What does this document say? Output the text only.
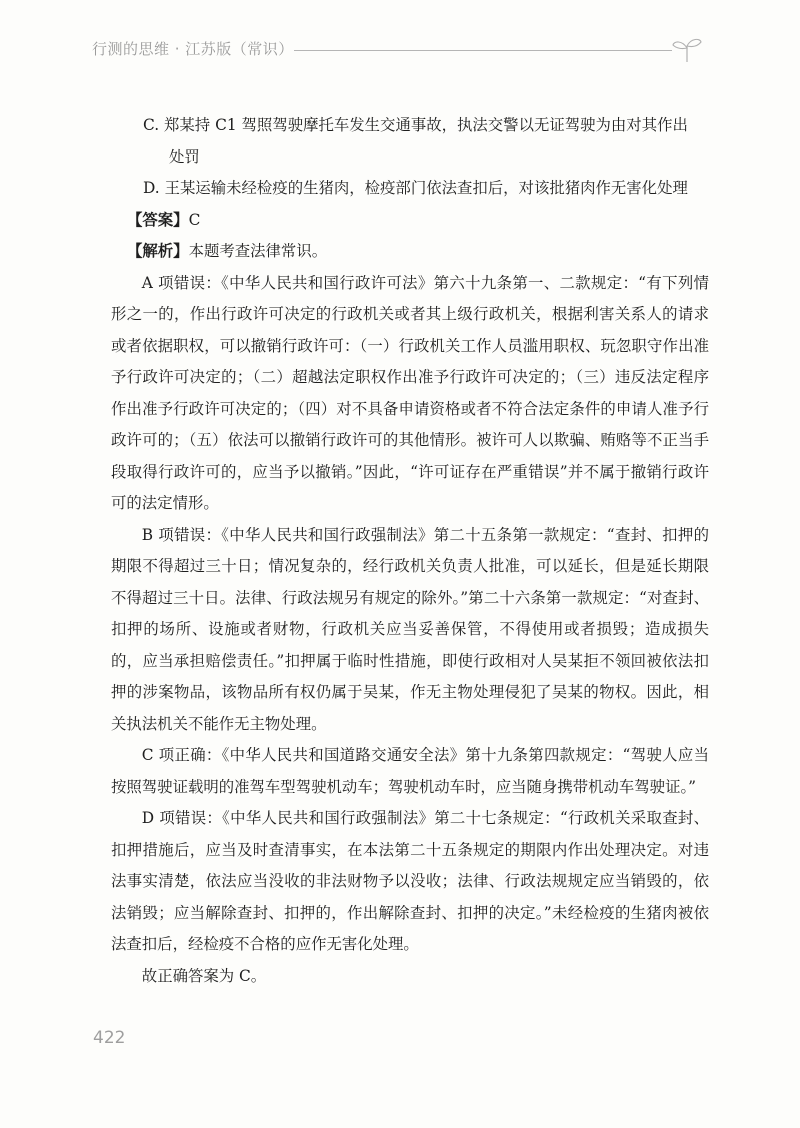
行测的思维 · 江苏版（常识）

C. 郑某持 C1 驾照驾驶摩托车发生交通事故，执法交警以无证驾驶为由对其作出

处罚

D. 王某运输未经检疫的生猪肉，检疫部门依法查扣后，对该批猪肉作无害化处理

【答案】C

【解析】本题考查法律常识。

A 项错误：《中华人民共和国行政许可法》第六十九条第一、二款规定：“有下列情形之一的，作出行政许可决定的行政机关或者其上级行政机关，根据利害关系人的请求或者依据职权，可以撤销行政许可：（一）行政机关工作人员滥用职权、玩忽职守作出准予行政许可决定的；（二）超越法定职权作出准予行政许可决定的；（三）违反法定程序作出准予行政许可决定的；（四）对不具备申请资格或者不符合法定条件的申请人准予行政许可的；（五）依法可以撤销行政许可的其他情形。被许可人以欺骗、贿赂等不正当手段取得行政许可的，应当予以撤销。”因此，“许可证存在严重错误”并不属于撤销行政许可的法定情形。

B 项错误：《中华人民共和国行政强制法》第二十五条第一款规定：“查封、扣押的期限不得超过三十日；情况复杂的，经行政机关负责人批准，可以延长，但是延长期限不得超过三十日。法律、行政法规另有规定的除外。”第二十六条第一款规定：“对查封、扣押的场所、设施或者财物，行政机关应当妥善保管，不得使用或者损毁；造成损失的，应当承担赔偿责任。”扣押属于临时性措施，即使行政相对人吴某拒不领回被依法扣押的涉案物品，该物品所有权仍属于吴某，作无主物处理侵犯了吴某的物权。因此，相关执法机关不能作无主物处理。

C 项正确：《中华人民共和国道路交通安全法》第十九条第四款规定：“驾驶人应当按照驾驶证载明的准驾车型驾驶机动车；驾驶机动车时，应当随身携带机动车驾驶证。”

D 项错误：《中华人民共和国行政强制法》第二十七条规定：“行政机关采取查封、扣押措施后，应当及时查清事实，在本法第二十五条规定的期限内作出处理决定。对违法事实清楚，依法应当没收的非法财物予以没收；法律、行政法规规定应当销毁的，依法销毁；应当解除查封、扣押的，作出解除查封、扣押的决定。”未经检疫的生猪肉被依法查扣后，经检疫不合格的应作无害化处理。

故正确答案为 C。

422
